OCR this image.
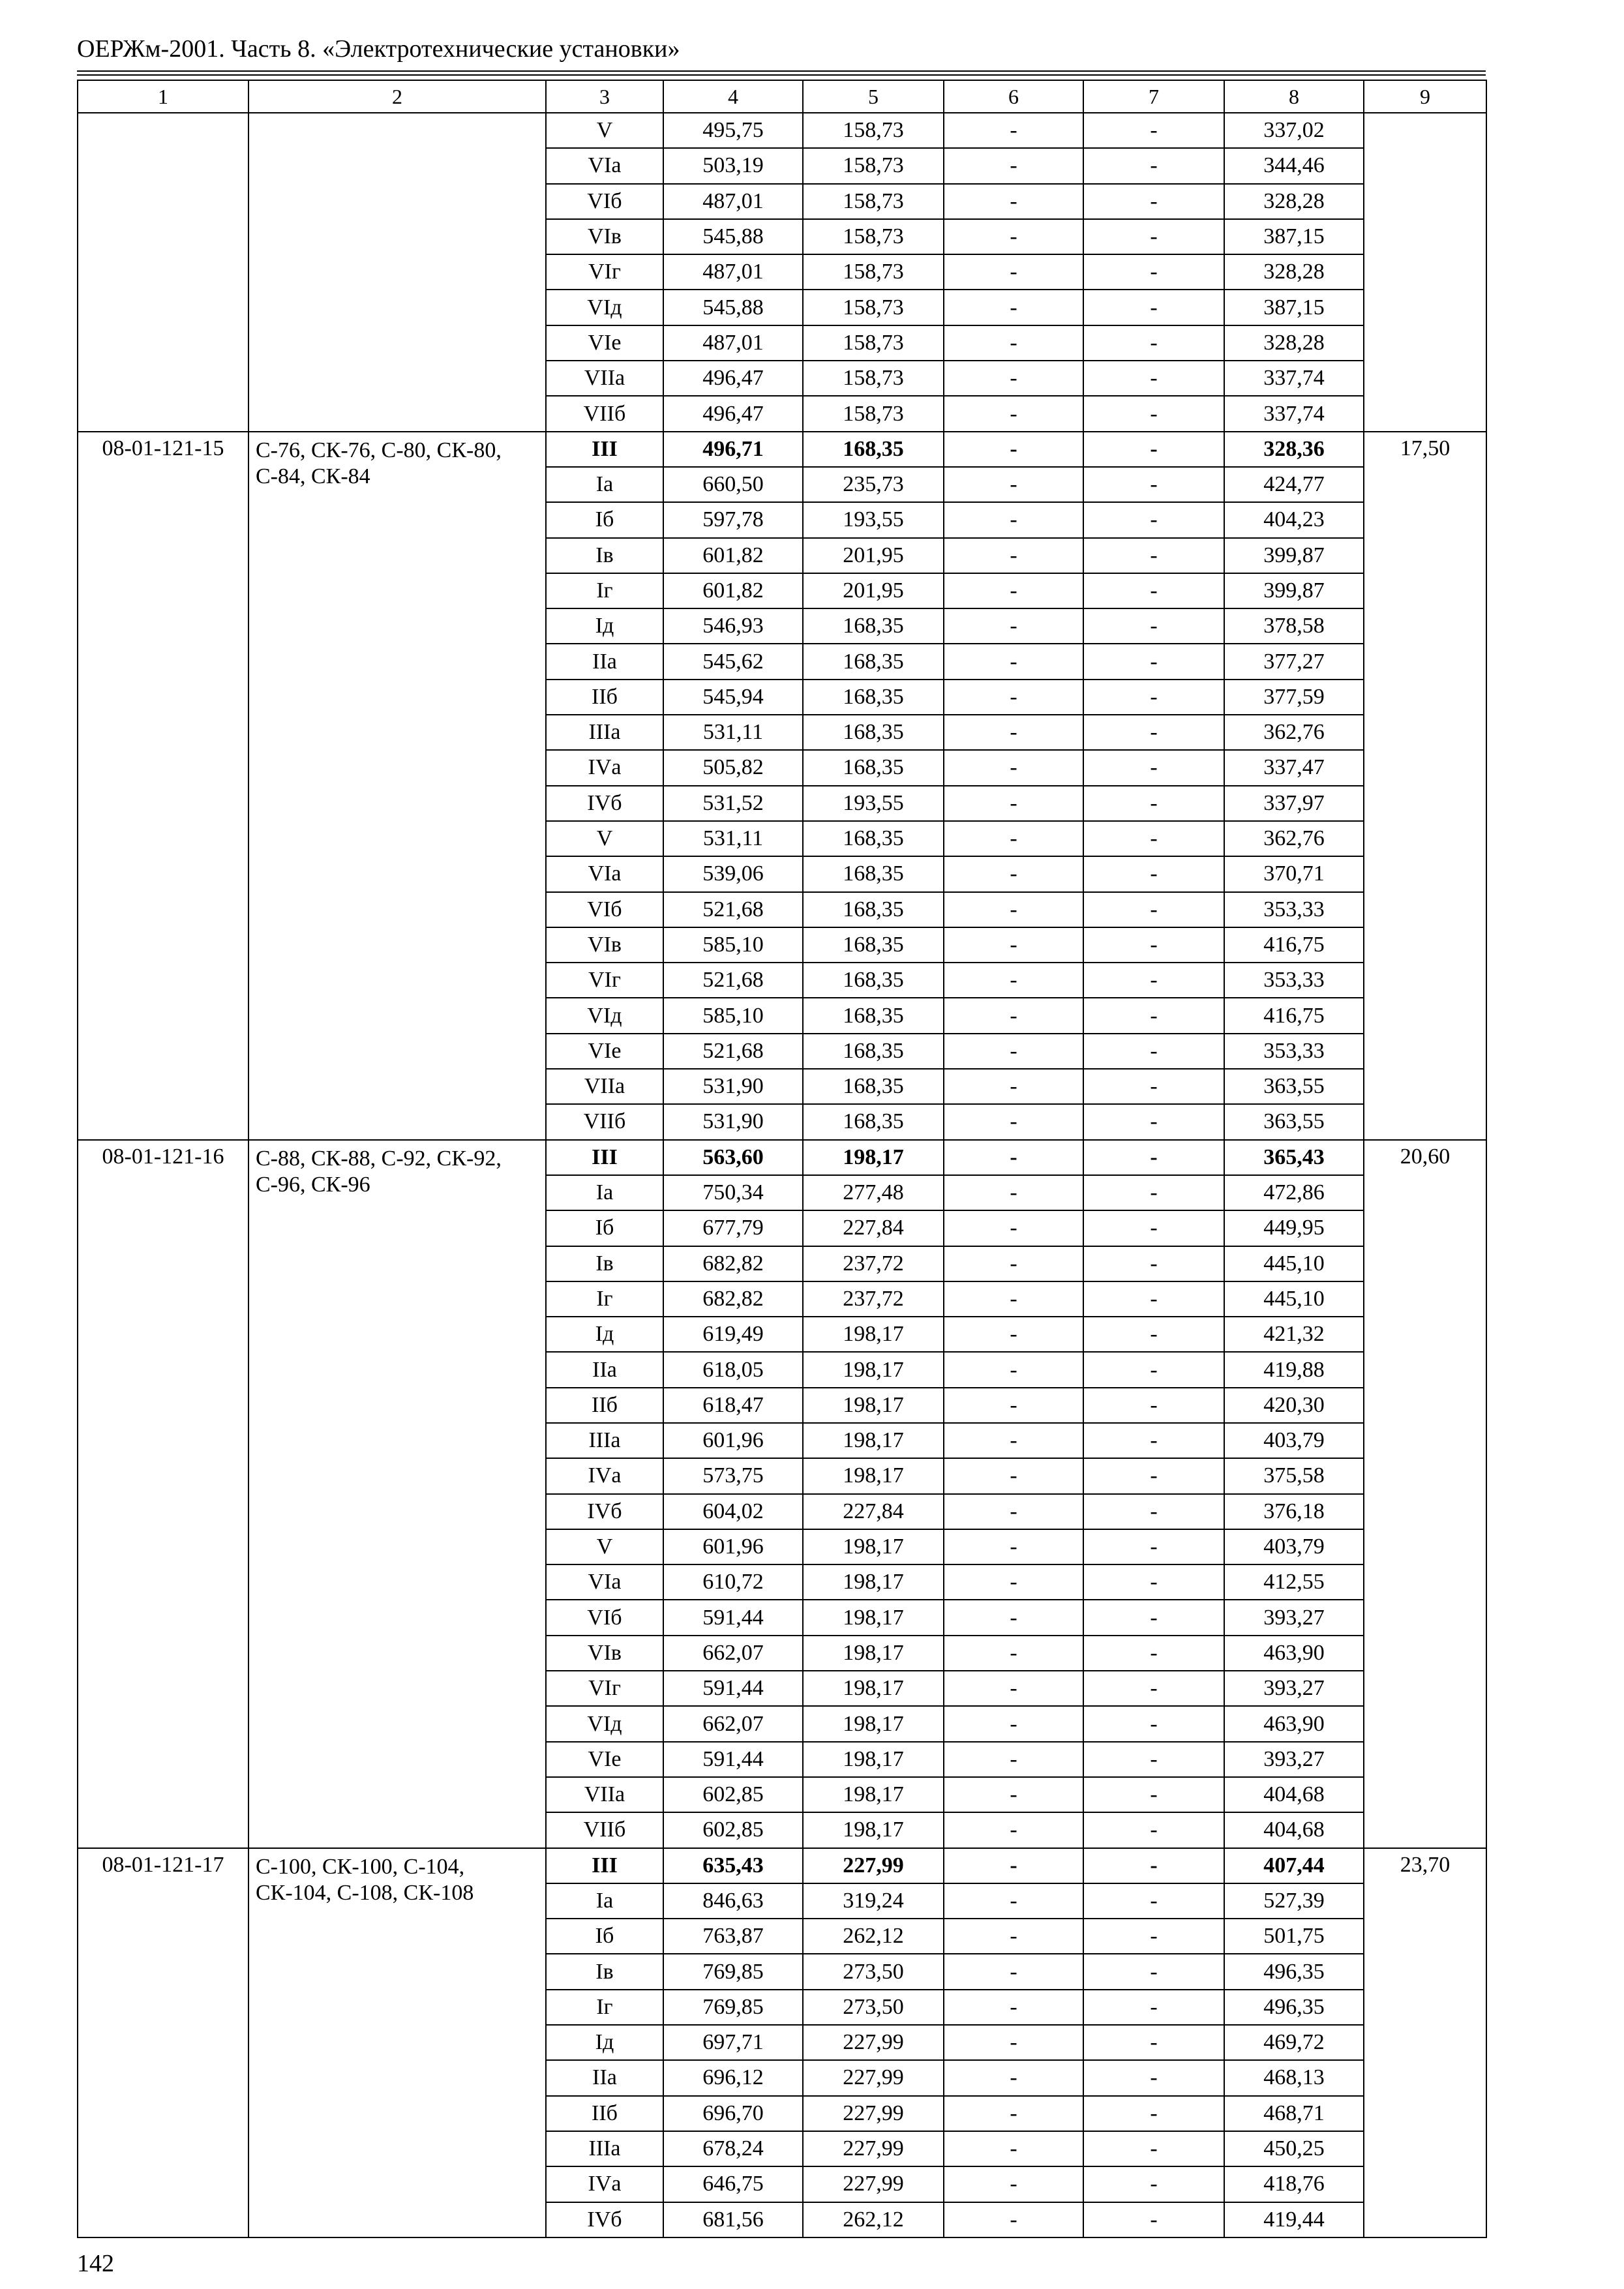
ОЕРЖм-2001. Часть 8. «Электротехнические установки»
1	2	3	4	5	6	7	8	9
		V	495,75	158,73	-	-	337,02	
		VIа	503,19	158,73	-	-	344,46	
		VIб	487,01	158,73	-	-	328,28	
		VIв	545,88	158,73	-	-	387,15	
		VIг	487,01	158,73	-	-	328,28	
		VIд	545,88	158,73	-	-	387,15	
		VIе	487,01	158,73	-	-	328,28	
		VIIа	496,47	158,73	-	-	337,74	
		VIIб	496,47	158,73	-	-	337,74	
08-01-121-15	С-76, СК-76, С-80, СК-80, С-84, СК-84	III	496,71	168,35	-	-	328,36	17,50
		Iа	660,50	235,73	-	-	424,77	
		Iб	597,78	193,55	-	-	404,23	
		Iв	601,82	201,95	-	-	399,87	
		Iг	601,82	201,95	-	-	399,87	
		Iд	546,93	168,35	-	-	378,58	
		IIа	545,62	168,35	-	-	377,27	
		IIб	545,94	168,35	-	-	377,59	
		IIIа	531,11	168,35	-	-	362,76	
		IVа	505,82	168,35	-	-	337,47	
		IVб	531,52	193,55	-	-	337,97	
		V	531,11	168,35	-	-	362,76	
		VIа	539,06	168,35	-	-	370,71	
		VIб	521,68	168,35	-	-	353,33	
		VIв	585,10	168,35	-	-	416,75	
		VIг	521,68	168,35	-	-	353,33	
		VIд	585,10	168,35	-	-	416,75	
		VIе	521,68	168,35	-	-	353,33	
		VIIа	531,90	168,35	-	-	363,55	
		VIIб	531,90	168,35	-	-	363,55	
08-01-121-16	С-88, СК-88, С-92, СК-92, С-96, СК-96	III	563,60	198,17	-	-	365,43	20,60
		Iа	750,34	277,48	-	-	472,86	
		Iб	677,79	227,84	-	-	449,95	
		Iв	682,82	237,72	-	-	445,10	
		Iг	682,82	237,72	-	-	445,10	
		Iд	619,49	198,17	-	-	421,32	
		IIа	618,05	198,17	-	-	419,88	
		IIб	618,47	198,17	-	-	420,30	
		IIIа	601,96	198,17	-	-	403,79	
		IVа	573,75	198,17	-	-	375,58	
		IVб	604,02	227,84	-	-	376,18	
		V	601,96	198,17	-	-	403,79	
		VIа	610,72	198,17	-	-	412,55	
		VIб	591,44	198,17	-	-	393,27	
		VIв	662,07	198,17	-	-	463,90	
		VIг	591,44	198,17	-	-	393,27	
		VIд	662,07	198,17	-	-	463,90	
		VIе	591,44	198,17	-	-	393,27	
		VIIа	602,85	198,17	-	-	404,68	
		VIIб	602,85	198,17	-	-	404,68	
08-01-121-17	С-100, СК-100, С-104, СК-104, С-108, СК-108	III	635,43	227,99	-	-	407,44	23,70
		Iа	846,63	319,24	-	-	527,39	
		Iб	763,87	262,12	-	-	501,75	
		Iв	769,85	273,50	-	-	496,35	
		Iг	769,85	273,50	-	-	496,35	
		Iд	697,71	227,99	-	-	469,72	
		IIа	696,12	227,99	-	-	468,13	
		IIб	696,70	227,99	-	-	468,71	
		IIIа	678,24	227,99	-	-	450,25	
		IVа	646,75	227,99	-	-	418,76	
		IVб	681,56	262,12	-	-	419,44	
142
